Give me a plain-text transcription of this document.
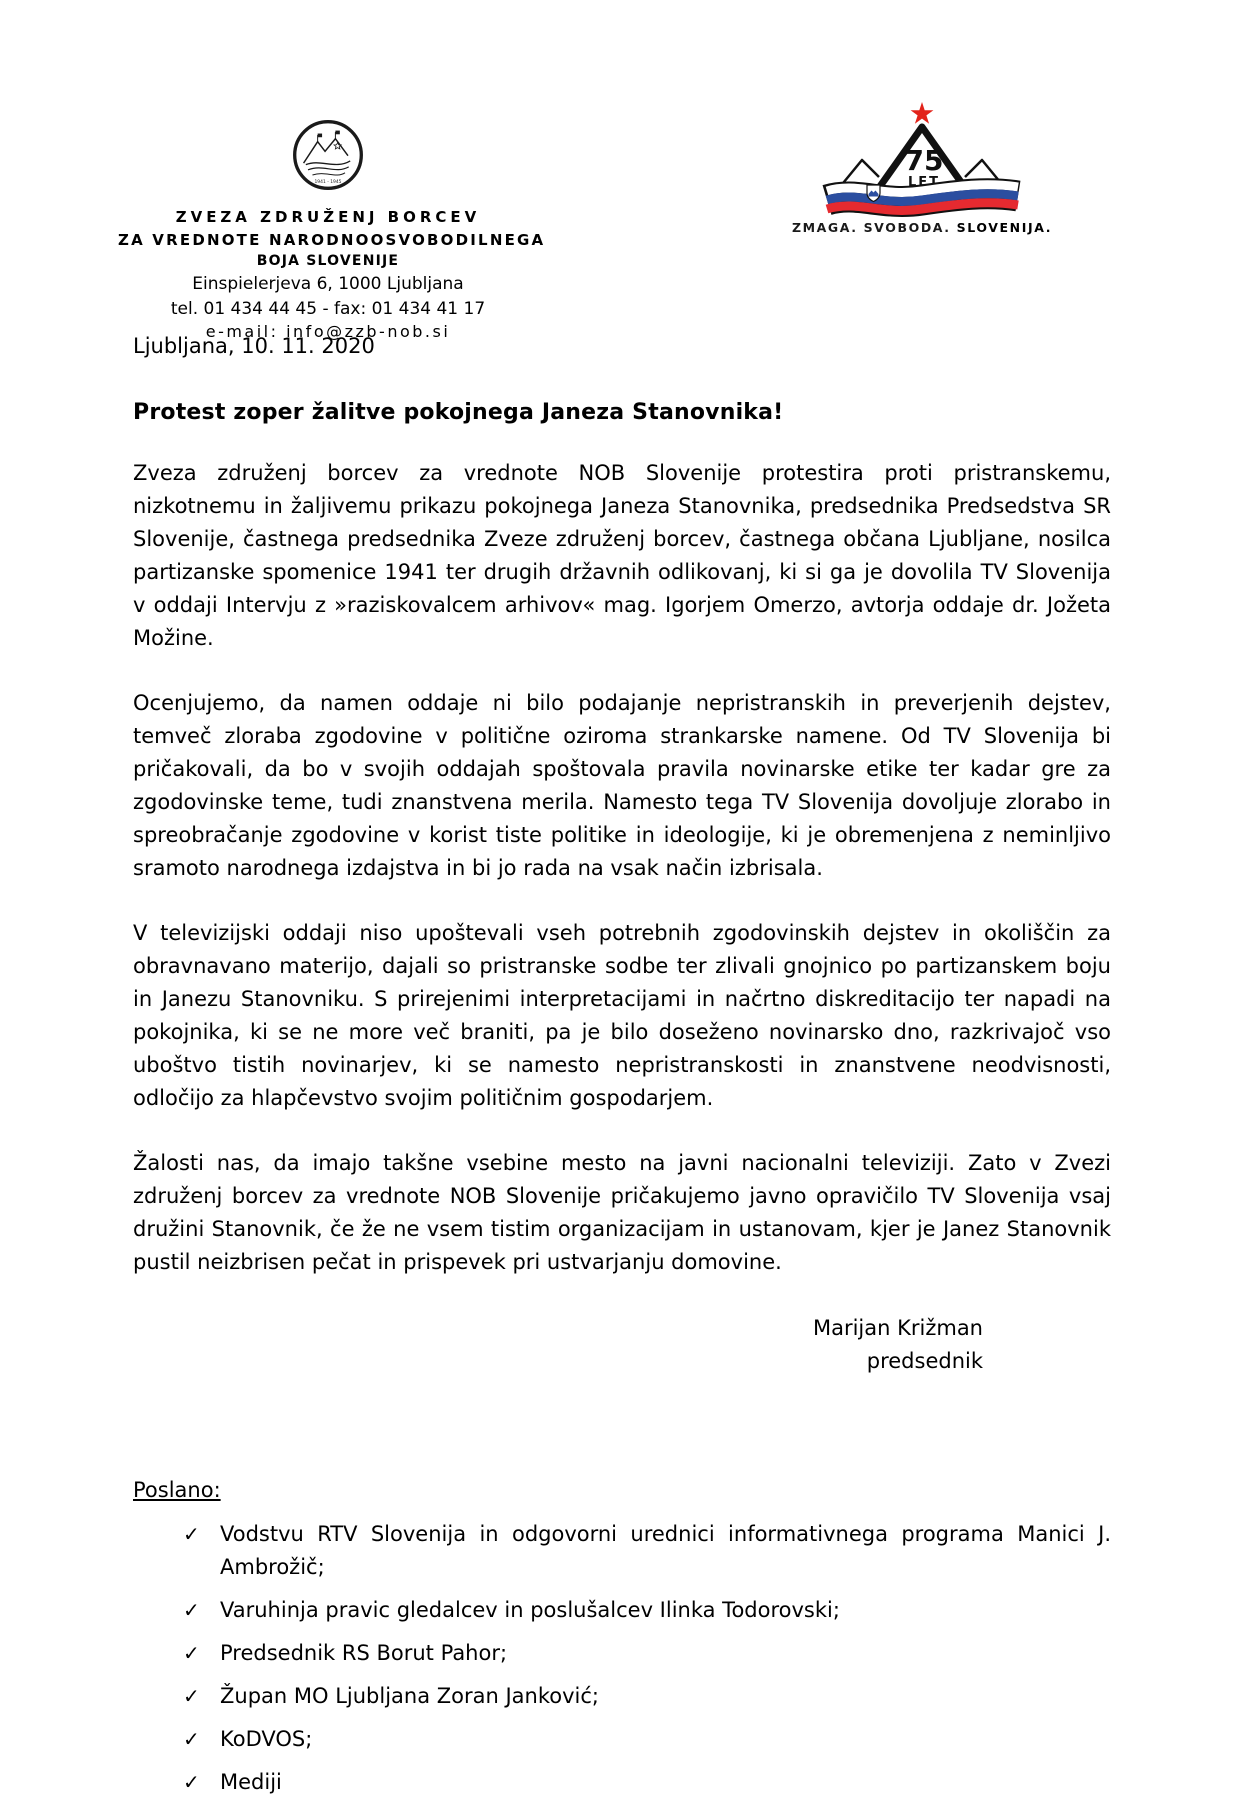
1941 - 1945
ZVEZA ZDRUŽENJ BORCEV
ZA VREDNOTE NARODNOOSVOBODILNEGA
BOJA SLOVENIJE
Einspielerjeva 6, 1000 Ljubljana
tel. 01 434 44 45 - fax: 01 434 41 17
e-mail: info@zzb-nob.si
75
LET
ZMAGA. SVOBODA. SLOVENIJA.
Ljubljana, 10. 11. 2020
Protest zoper žalitve pokojnega Janeza Stanovnika!

Zveza združenj borcev za vrednote NOB Slovenije protestira proti pristranskemu, nizkotnemu in žaljivemu prikazu pokojnega Janeza Stanovnika, predsednika Predsedstva SR Slovenije, častnega predsednika Zveze združenj borcev, častnega občana Ljubljane, nosilca partizanske spomenice 1941 ter drugih državnih odlikovanj, ki si ga je dovolila TV Slovenija v oddaji Intervju z »raziskovalcem arhivov« mag. Igorjem Omerzo, avtorja oddaje dr. Jožeta Možine.

Ocenjujemo, da namen oddaje ni bilo podajanje nepristranskih in preverjenih dejstev, temveč zloraba zgodovine v politične oziroma strankarske namene. Od TV Slovenija bi pričakovali, da bo v svojih oddajah spoštovala pravila novinarske etike ter kadar gre za zgodovinske teme, tudi znanstvena merila. Namesto tega TV Slovenija dovoljuje zlorabo in spreobračanje zgodovine v korist tiste politike in ideologije, ki je obremenjena z neminljivo sramoto narodnega izdajstva in bi jo rada na vsak način izbrisala.

V televizijski oddaji niso upoštevali vseh potrebnih zgodovinskih dejstev in okoliščin za obravnavano materijo, dajali so pristranske sodbe ter zlivali gnojnico po partizanskem boju in Janezu Stanovniku. S prirejenimi interpretacijami in načrtno diskreditacijo ter napadi na pokojnika, ki se ne more več braniti, pa je bilo doseženo novinarsko dno, razkrivajoč vso uboštvo tistih novinarjev, ki se namesto nepristranskosti in znanstvene neodvisnosti, odločijo za hlapčevstvo svojim političnim gospodarjem.

Žalosti nas, da imajo takšne vsebine mesto na javni nacionalni televiziji. Zato v Zvezi združenj borcev za vrednote NOB Slovenije pričakujemo javno opravičilo TV Slovenija vsaj družini Stanovnik, če že ne vsem tistim organizacijam in ustanovam, kjer je Janez Stanovnik pustil neizbrisen pečat in prispevek pri ustvarjanju domovine.

Marijan Križman
predsednik
Poslano:
✓ Vodstvu RTV Slovenija in odgovorni urednici informativnega programa Manici J. Ambrožič;
✓ Varuhinja pravic gledalcev in poslušalcev Ilinka Todorovski;
✓ Predsednik RS Borut Pahor;
✓ Župan MO Ljubljana Zoran Janković;
✓ KoDVOS;
✓ Mediji
